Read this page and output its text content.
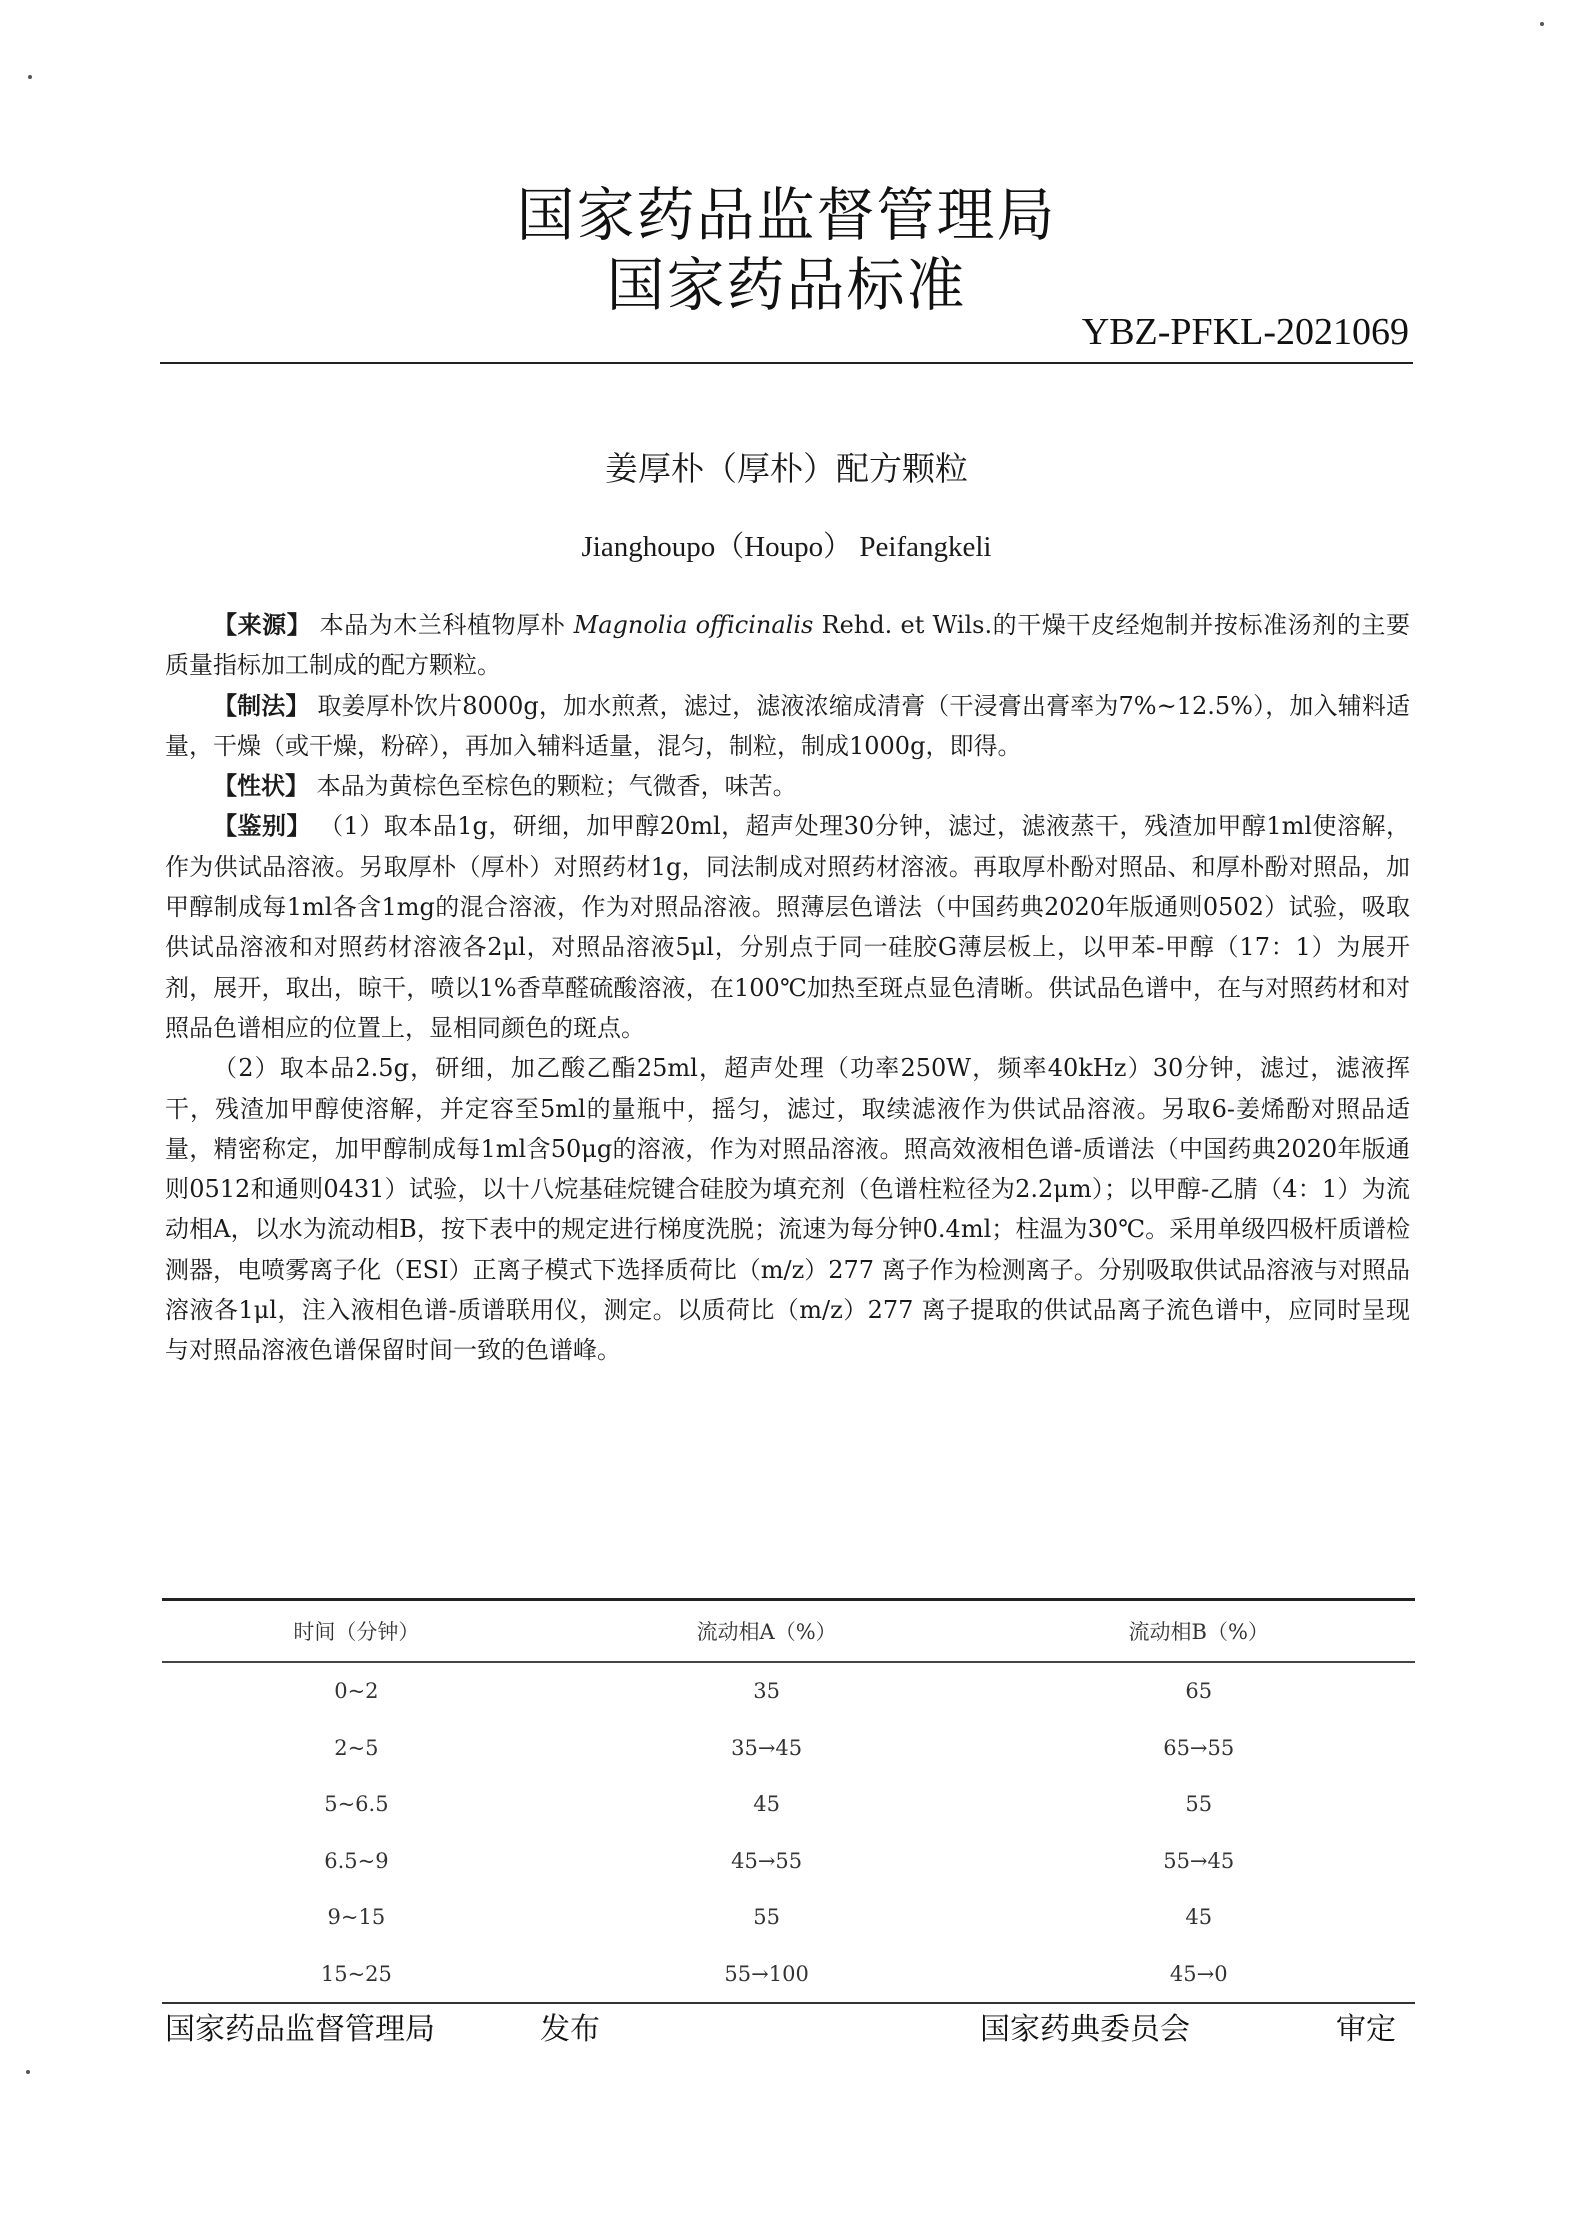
国家药品监督管理局
国家药品标准
YBZ-PFKL-2021069
姜厚朴（厚朴）配方颗粒
Jianghoupo（Houpo） Peifangkeli

【来源】 本品为木兰科植物厚朴 Magnolia officinalis Rehd. et Wils.的干燥干皮经炮制并按标准汤剂的主要质量指标加工制成的配方颗粒。

【制法】 取姜厚朴饮片8000g，加水煎煮，滤过，滤液浓缩成清膏（干浸膏出膏率为7%~12.5%），加入辅料适量，干燥（或干燥，粉碎），再加入辅料适量，混匀，制粒，制成1000g，即得。

【性状】 本品为黄棕色至棕色的颗粒；气微香，味苦。

【鉴别】 （1）取本品1g，研细，加甲醇20ml，超声处理30分钟，滤过，滤液蒸干，残渣加甲醇1ml使溶解，作为供试品溶液。另取厚朴（厚朴）对照药材1g，同法制成对照药材溶液。再取厚朴酚对照品、和厚朴酚对照品，加甲醇制成每1ml各含1mg的混合溶液，作为对照品溶液。照薄层色谱法（中国药典2020年版通则0502）试验，吸取供试品溶液和对照药材溶液各2μl，对照品溶液5μl，分别点于同一硅胶G薄层板上，以甲苯-甲醇（17：1）为展开剂，展开，取出，晾干，喷以1%香草醛硫酸溶液，在100℃加热至斑点显色清晰。供试品色谱中，在与对照药材和对照品色谱相应的位置上，显相同颜色的斑点。

（2）取本品2.5g，研细，加乙酸乙酯25ml，超声处理（功率250W，频率40kHz）30分钟，滤过，滤液挥干，残渣加甲醇使溶解，并定容至5ml的量瓶中，摇匀，滤过，取续滤液作为供试品溶液。另取6-姜烯酚对照品适量，精密称定，加甲醇制成每1ml含50μg的溶液，作为对照品溶液。照高效液相色谱-质谱法（中国药典2020年版通则0512和通则0431）试验，以十八烷基硅烷键合硅胶为填充剂（色谱柱粒径为2.2μm）；以甲醇-乙腈（4：1）为流动相A，以水为流动相B，按下表中的规定进行梯度洗脱；流速为每分钟0.4ml；柱温为30℃。采用单级四极杆质谱检测器，电喷雾离子化（ESI）正离子模式下选择质荷比（m/z）277 离子作为检测离子。分别吸取供试品溶液与对照品溶液各1μl，注入液相色谱-质谱联用仪，测定。以质荷比（m/z）277 离子提取的供试品离子流色谱中，应同时呈现与对照品溶液色谱保留时间一致的色谱峰。

时间（分钟）	流动相A（%）	流动相B（%）
0~2	35	65
2~5	35→45	65→55
5~6.5	45	55
6.5~9	45→55	55→45
9~15	55	45
15~25	55→100	45→0
国家药品监督管理局	发布	国家药典委员会	审定
